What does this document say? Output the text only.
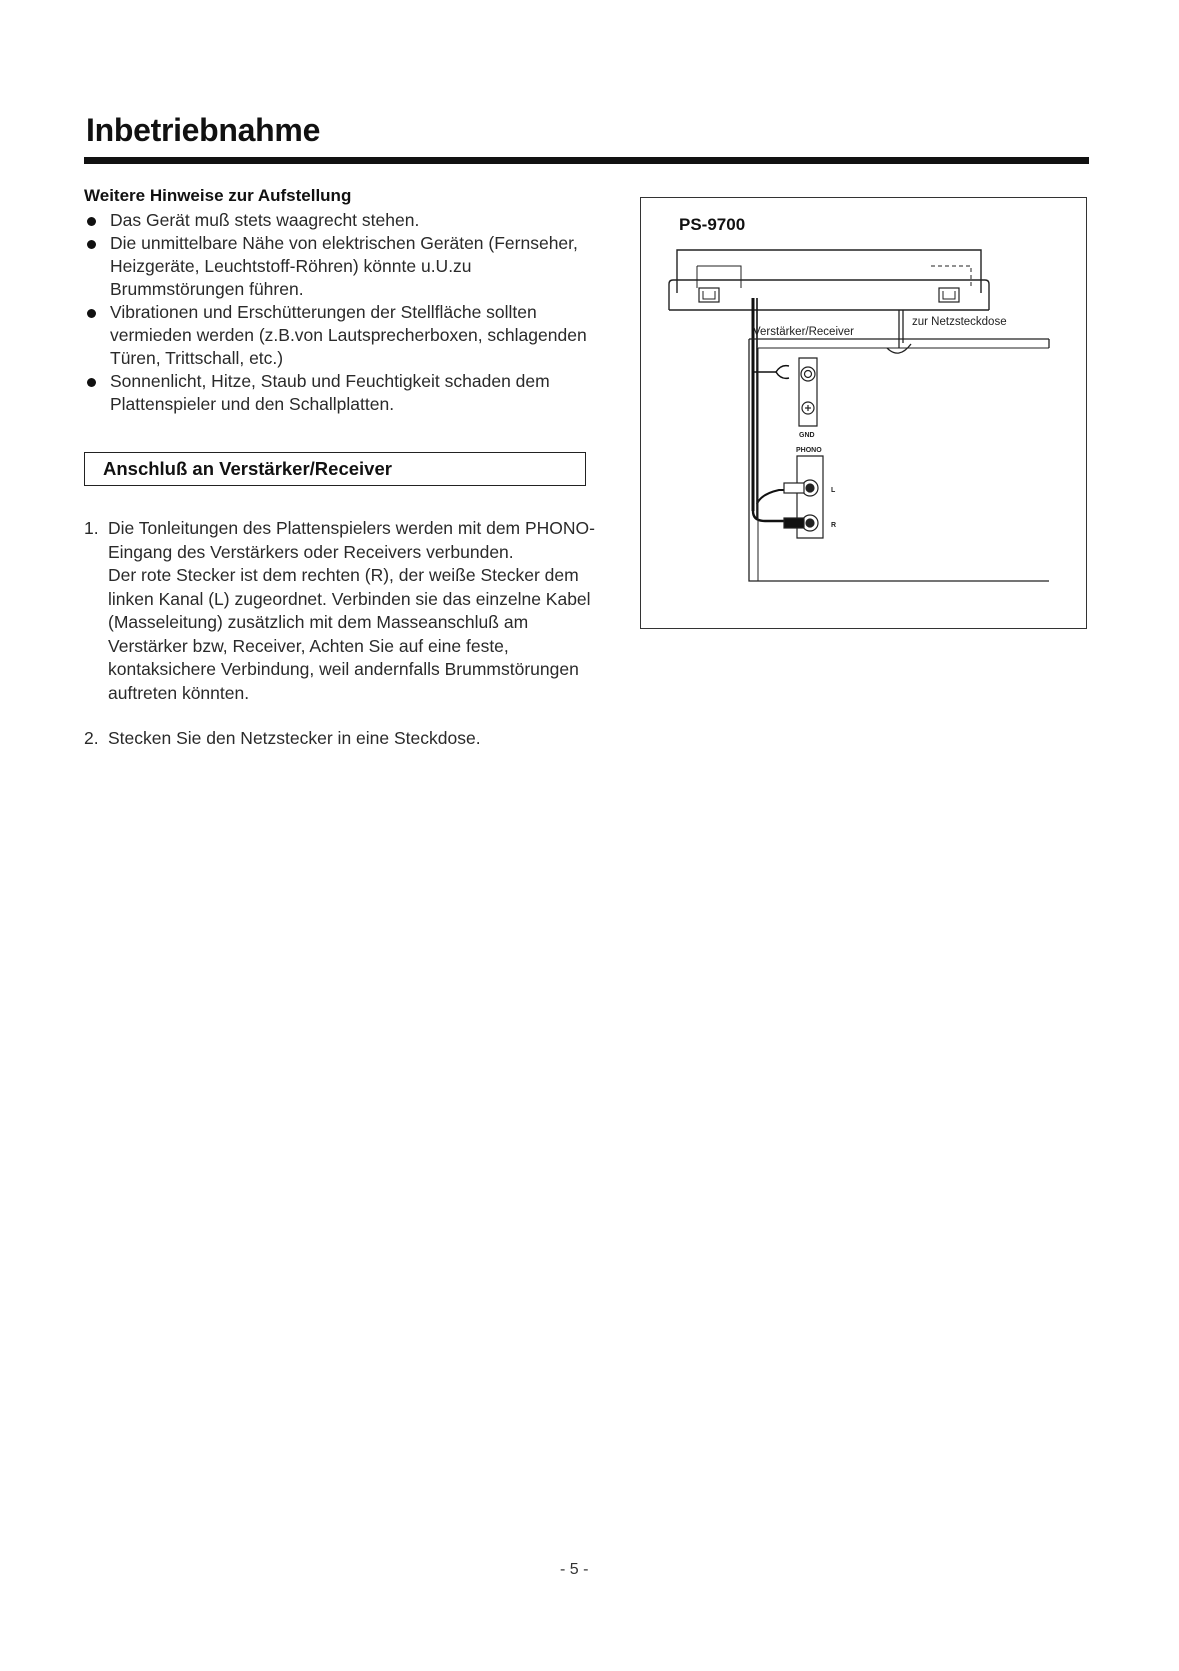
Inbetriebnahme
Weitere Hinweise zur Aufstellung
Das Gerät muß stets waagrecht stehen.
Die unmittelbare Nähe von elektrischen Geräten (Fernseher, Heizgeräte, Leuchtstoff-Röhren) könnte u.U.zu Brummstörungen führen.
Vibrationen und Erschütterungen der Stellfläche sollten vermieden werden (z.B.von Lautsprecherboxen, schlagenden Türen, Trittschall, etc.)
Sonnenlicht, Hitze, Staub und Feuchtigkeit schaden dem Plattenspieler und den Schallplatten.
Anschluß an Verstärker/Receiver
1. Die Tonleitungen des Plattenspielers werden mit dem PHONO-Eingang des Verstärkers oder Receivers verbunden.

Der rote Stecker ist dem rechten (R), der weiße Stecker dem linken Kanal (L) zugeordnet. Verbinden sie das einzelne Kabel (Masseleitung) zusätzlich mit dem Masseanschluß am Verstärker bzw, Receiver, Achten Sie auf eine feste, kontaksichere Verbindung, weil andernfalls Brummstörungen auftreten könnten.

2. Stecken Sie den Netzstecker in eine Steckdose.

PS-9700
zur Netzsteckdose
Verstärker/Receiver
GND
PHONO
L
R
- 5 -
